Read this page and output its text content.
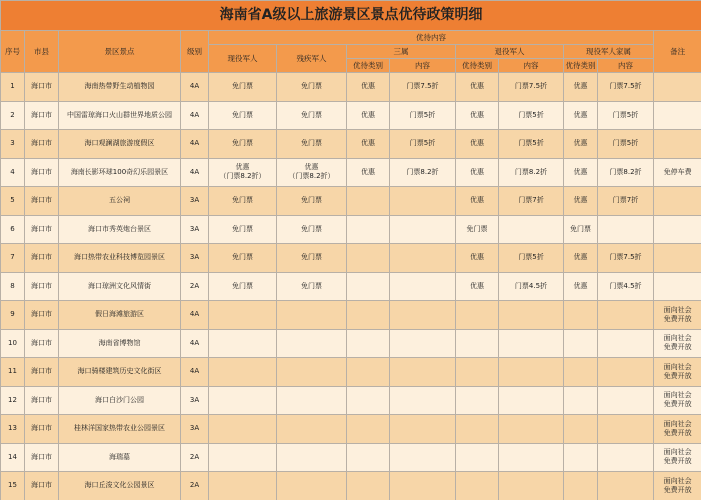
海南省A级以上旅游景区景点优待政策明细												
序号	市县	景区景点	级别	优待内容								备注
				现役军人	残疾军人	三属		退役军人		现役军人家属		
						优待类别	内容	优待类别	内容	优待类别	内容	
1	海口市	海南热带野生动植物园	4A	免门票	免门票	优惠	门票7.5折	优惠	门票7.5折	优惠	门票7.5折	
2	海口市	中国雷琼海口火山群世界地质公园	4A	免门票	免门票	优惠	门票5折	优惠	门票5折	优惠	门票5折	
3	海口市	海口观澜湖旅游度假区	4A	免门票	免门票	优惠	门票5折	优惠	门票5折	优惠	门票5折	
4	海口市	海南长影环球100奇幻乐园景区	4A	优惠
（门票8.2折）	优惠
（门票8.2折）	优惠	门票8.2折	优惠	门票8.2折	优惠	门票8.2折	免停车费
5	海口市	五公祠	3A	免门票	免门票			优惠	门票7折	优惠	门票7折	
6	海口市	海口市秀英炮台景区	3A	免门票	免门票			免门票		免门票		
7	海口市	海口热带农业科技博览园景区	3A	免门票	免门票			优惠	门票5折	优惠	门票7.5折	
8	海口市	海口琼洲文化风情街	2A	免门票	免门票			优惠	门票4.5折	优惠	门票4.5折	
9	海口市	假日海滩旅游区	4A									面向社会
免费开放
10	海口市	海南省博物馆	4A									面向社会
免费开放
11	海口市	海口骑楼建筑历史文化街区	4A									面向社会
免费开放
12	海口市	海口白沙门公园	3A									面向社会
免费开放
13	海口市	桂林洋国家热带农业公园景区	3A									面向社会
免费开放
14	海口市	海瑞墓	2A									面向社会
免费开放
15	海口市	海口丘浚文化公园景区	2A									面向社会
免费开放
